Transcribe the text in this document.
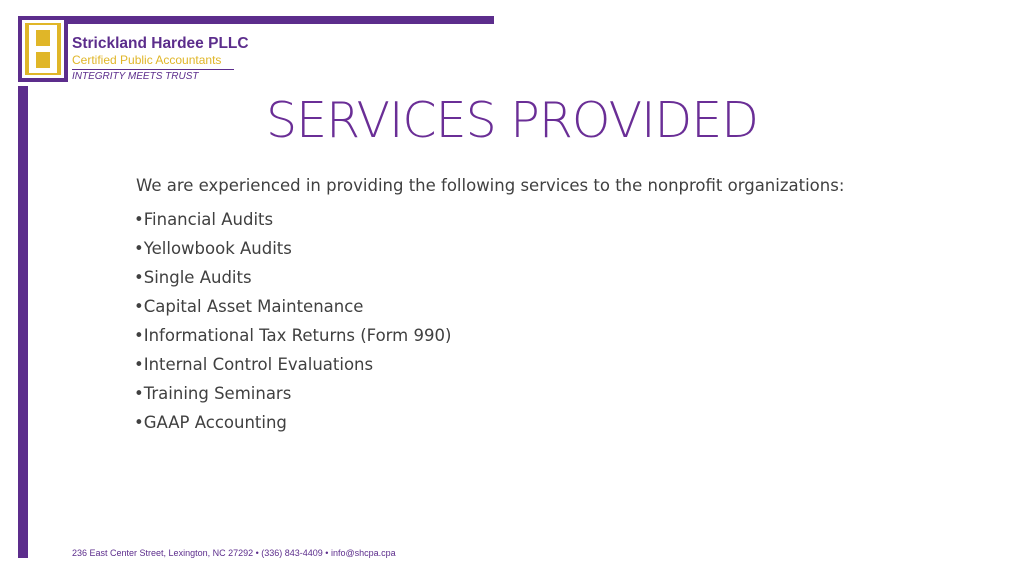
Strickland Hardee PLLC
Certified Public Accountants
INTEGRITY MEETS TRUST
SERVICES PROVIDED
We are experienced in providing the following services to the nonprofit organizations:
•Financial Audits
•Yellowbook Audits
•Single Audits
•Capital Asset Maintenance
•Informational Tax Returns (Form 990)
•Internal Control Evaluations
•Training Seminars
•GAAP Accounting
236 East Center Street, Lexington, NC 27292 • (336) 843-4409 • info@shcpa.cpa
